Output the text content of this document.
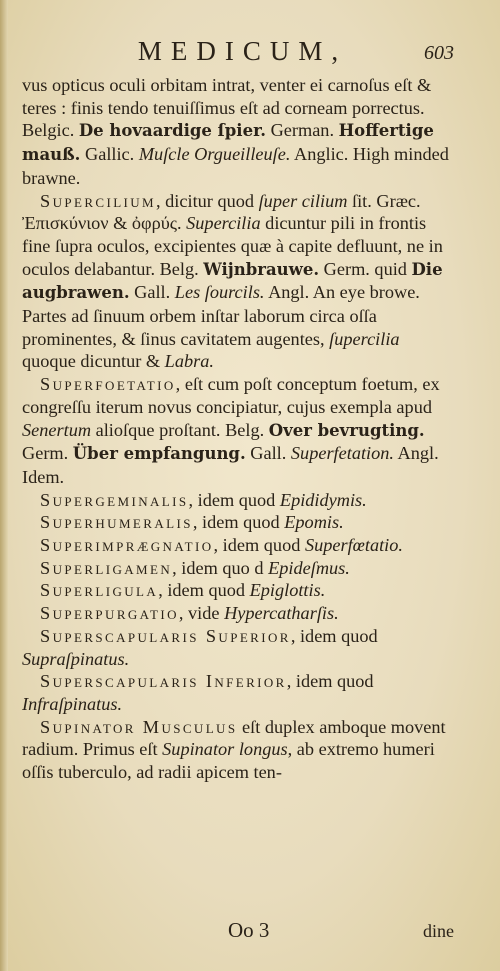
MEDICUM,	603

vus opticus oculi orbitam intrat, venter ei carnoſus eſt & teres : finis tendo tenuiſſimus eſt ad corneam porrectus. Belgic. De hovaardige ſpier. German. Hoffertige mauß. Gallic. Muſcle Orgueilleuſe. Anglic. High minded brawne.

Supercilium, dicitur quod ſuper cilium ſit. Græc. Ἐπισκύνιον & ὀφρύς. Supercilia dicuntur pili in frontis fine ſupra oculos, excipientes quæ à capite defluunt, ne in oculos delabantur. Belg. Wijnbrauwe. Germ. quid Die augbrawen. Gall. Les ſourcils. Angl. An eye browe. Partes ad ſinuum orbem inſtar laborum circa oſſa prominentes, & ſinus cavitatem augentes, ſupercilia quoque dicuntur & Labra.

Superfoetatio, eſt cum poſt conceptum foetum, ex congreſſu iterum novus concipiatur, cujus exempla apud Senertum alioſque proſtant. Belg. Over bevrugting. Germ. Über empfangung. Gall. Superfetation. Angl. Idem.

Supergeminalis, idem quod Epididymis.

Superhumeralis, idem quod Epomis.

Superimprægnatio, idem quod Superfœtatio.

Superligamen, idem quo d Epideſmus.

Superligula, idem quod Epiglottis.

Superpurgatio, vide Hypercatharſis.

Superscapularis Superior, idem quod Supraſpinatus.

Superscapularis Inferior, idem quod Infraſpinatus.

Supinator Musculus eſt duplex amboque movent radium. Primus eſt Supinator longus, ab extremo humeri oſſis tuberculo, ad radii apicem ten-

Oo 3	dine
